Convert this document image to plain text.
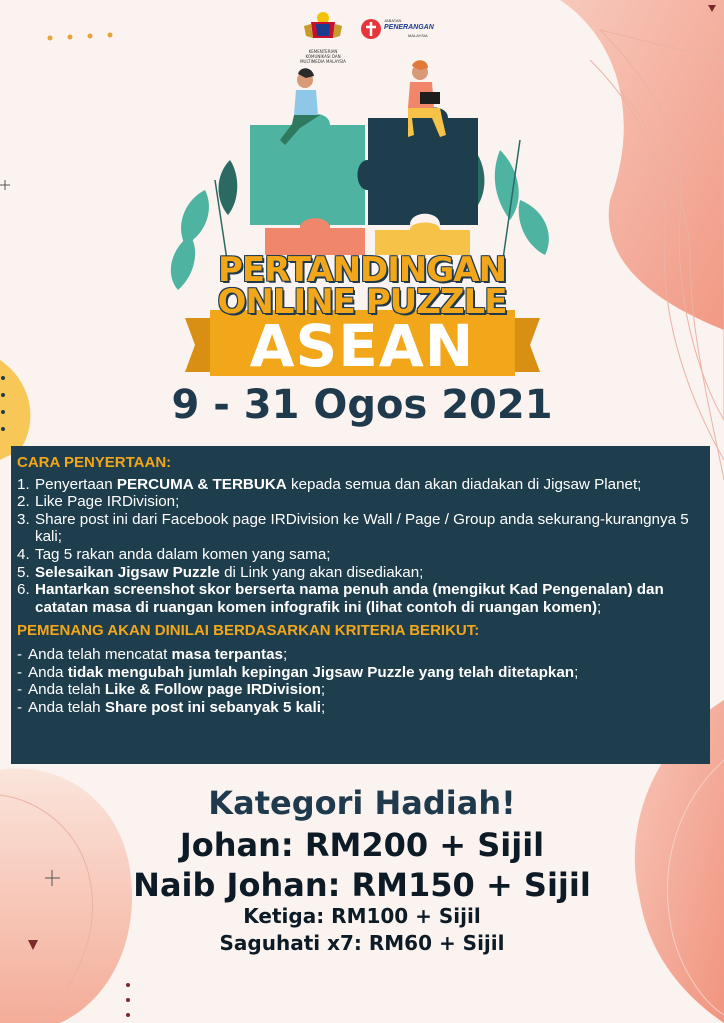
KEMENTERIAN KOMUNIKASI DAN MULTIMEDIA MALAYSIA
JABATAN
PENERANGAN
MALAYSIA
PERTANDINGAN
ONLINE PUZZLE
ASEAN
9 - 31 Ogos 2021
CARA PENYERTAAN:
1. Penyertaan PERCUMA & TERBUKA kepada semua dan akan diadakan di Jigsaw Planet;
2. Like Page IRDivision;
3. Share post ini dari Facebook page IRDivision ke Wall / Page / Group anda sekurang-kurangnya 5 kali;
4. Tag 5 rakan anda dalam komen yang sama;
5. Selesaikan Jigsaw Puzzle di Link yang akan disediakan;
6. Hantarkan screenshot skor berserta nama penuh anda (mengikut Kad Pengenalan) dan catatan masa di ruangan komen infografik ini (lihat contoh di ruangan komen);
PEMENANG AKAN DINILAI BERDASARKAN KRITERIA BERIKUT:
- Anda telah mencatat masa terpantas;
- Anda tidak mengubah jumlah kepingan Jigsaw Puzzle yang telah ditetapkan;
- Anda telah Like & Follow page IRDivision;
- Anda telah Share post ini sebanyak 5 kali;
Kategori Hadiah!
Johan: RM200 + Sijil
Naib Johan: RM150 + Sijil
Ketiga: RM100 + Sijil
Saguhati x7: RM60 + Sijil
